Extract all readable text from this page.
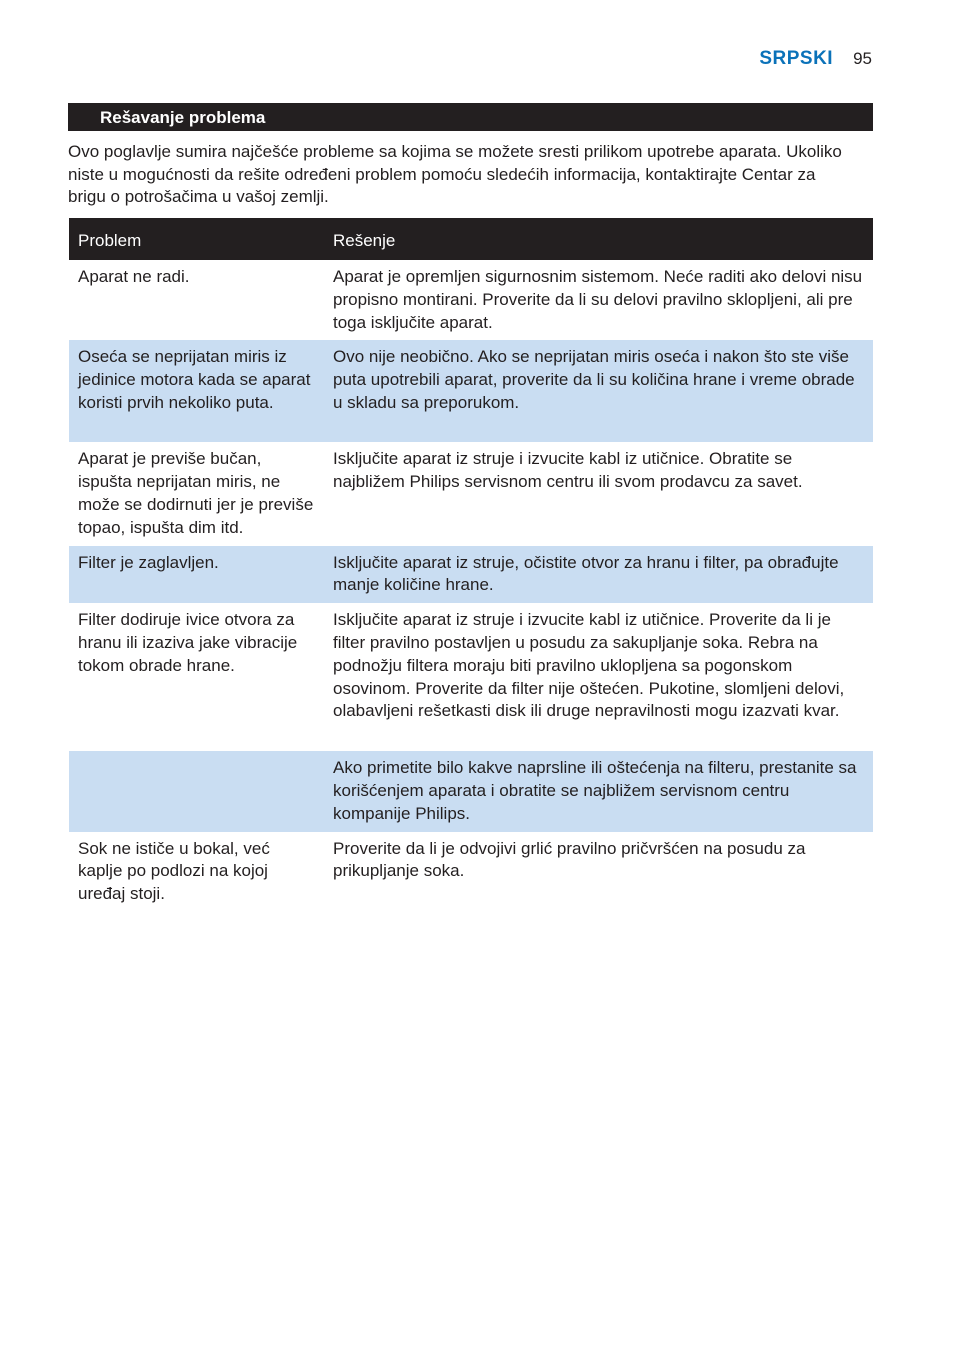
SRPSKI 95
Rešavanje problema

Ovo poglavlje sumira najčešće probleme sa kojima se možete sresti prilikom upotrebe aparata. Ukoliko niste u mogućnosti da rešite određeni problem pomoću sledećih informacija, kontaktirajte Centar za brigu o potrošačima u vašoj zemlji.

Problem	Rešenje
Aparat ne radi.	Aparat je opremljen sigurnosnim sistemom. Neće raditi ako delovi nisu propisno montirani. Proverite da li su delovi pravilno sklopljeni, ali pre toga isključite aparat.
Oseća se neprijatan miris iz jedinice motora kada se aparat koristi prvih nekoliko puta.	Ovo nije neobično. Ako se neprijatan miris oseća i nakon što ste više puta upotrebili aparat, proverite da li su količina hrane i vreme obrade u skladu sa preporukom.
Aparat je previše bučan, ispušta neprijatan miris, ne može se dodirnuti jer je previše topao, ispušta dim itd.	Isključite aparat iz struje i izvucite kabl iz utičnice. Obratite se najbližem Philips servisnom centru ili svom prodavcu za savet.
Filter je zaglavljen.	Isključite aparat iz struje, očistite otvor za hranu i filter, pa obrađujte manje količine hrane.
Filter dodiruje ivice otvora za hranu ili izaziva jake vibracije tokom obrade hrane.	Isključite aparat iz struje i izvucite kabl iz utičnice. Proverite da li je filter pravilno postavljen u posudu za sakupljanje soka. Rebra na podnožju filtera moraju biti pravilno uklopljena sa pogonskom osovinom. Proverite da filter nije oštećen. Pukotine, slomljeni delovi, olabavljeni rešetkasti disk ili druge nepravilnosti mogu izazvati kvar.
	Ako primetite bilo kakve naprsline ili oštećenja na filteru, prestanite sa korišćenjem aparata i obratite se najbližem servisnom centru kompanije Philips.
Sok ne ističe u bokal, već kaplje po podlozi na kojoj uređaj stoji.	Proverite da li je odvojivi grlić pravilno pričvršćen na posudu za prikupljanje soka.
